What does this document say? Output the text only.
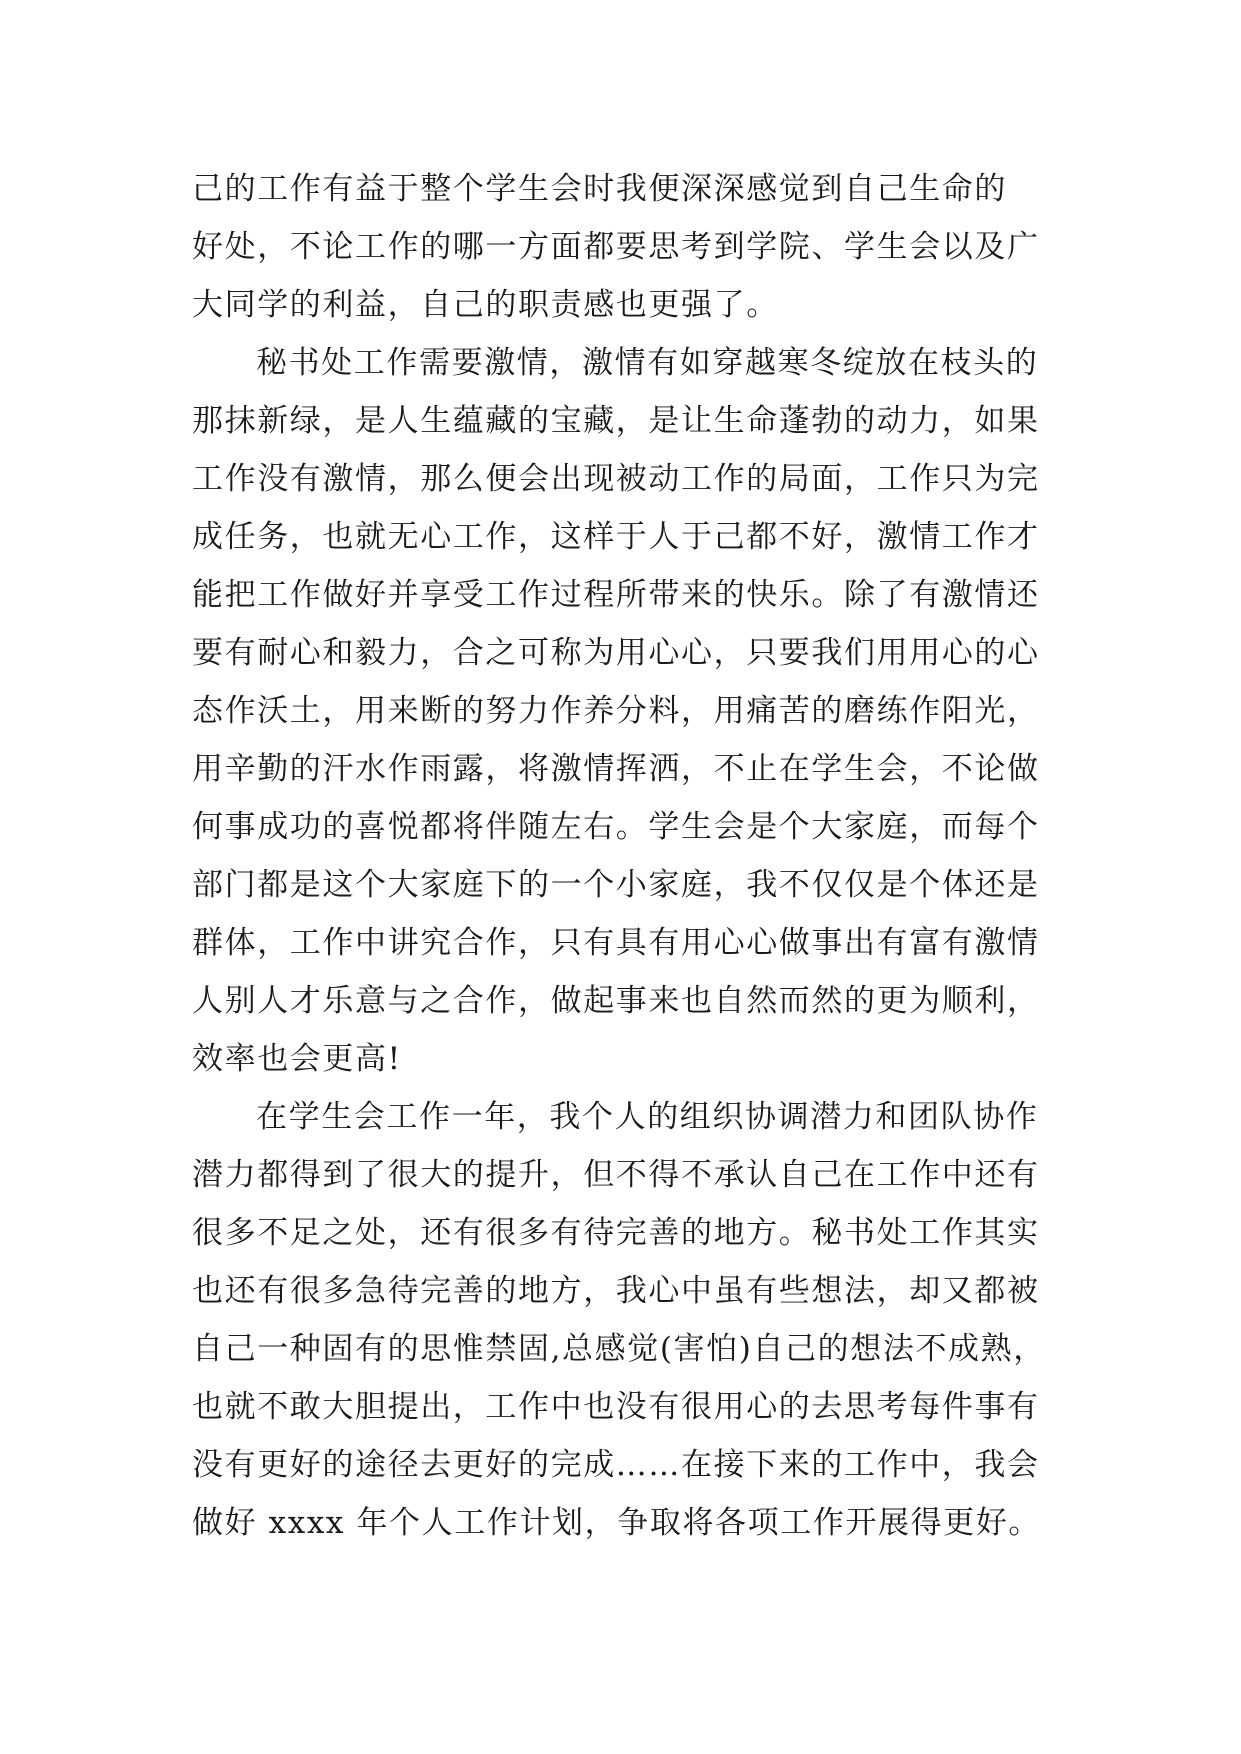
己的工作有益于整个学生会时我便深深感觉到自己生命的
好处，不论工作的哪一方面都要思考到学院、学生会以及广
大同学的利益，自己的职责感也更强了。
秘书处工作需要激情，激情有如穿越寒冬绽放在枝头的
那抹新绿，是人生蕴藏的宝藏，是让生命蓬勃的动力，如果
工作没有激情，那么便会出现被动工作的局面，工作只为完
成任务，也就无心工作，这样于人于己都不好，激情工作才
能把工作做好并享受工作过程所带来的快乐。除了有激情还
要有耐心和毅力，合之可称为用心心，只要我们用用心的心
态作沃土，用来断的努力作养分料，用痛苦的磨练作阳光，
用辛勤的汗水作雨露，将激情挥洒，不止在学生会，不论做
何事成功的喜悦都将伴随左右。学生会是个大家庭，而每个
部门都是这个大家庭下的一个小家庭，我不仅仅是个体还是
群体，工作中讲究合作，只有具有用心心做事出有富有激情
人别人才乐意与之合作，做起事来也自然而然的更为顺利，
效率也会更高!
在学生会工作一年，我个人的组织协调潜力和团队协作
潜力都得到了很大的提升，但不得不承认自己在工作中还有
很多不足之处，还有很多有待完善的地方。秘书处工作其实
也还有很多急待完善的地方，我心中虽有些想法，却又都被
自己一种固有的思惟禁固,总感觉(害怕)自己的想法不成熟，
也就不敢大胆提出，工作中也没有很用心的去思考每件事有
没有更好的途径去更好的完成……在接下来的工作中，我会
做好 xxxx 年个人工作计划，争取将各项工作开展得更好。
